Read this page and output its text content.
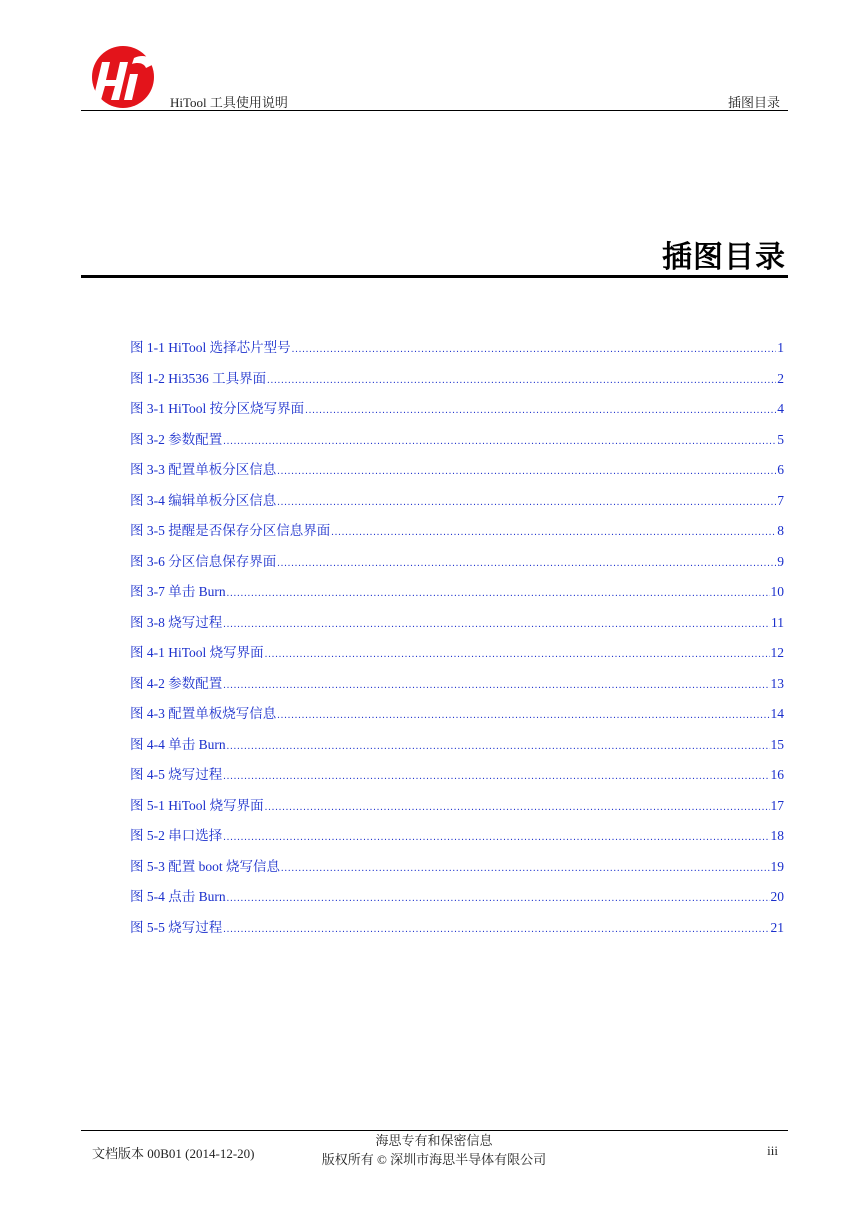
HiTool 工具使用说明	插图目录
插图目录
图 1-1 HiTool 选择芯片型号 .....	1
图 1-2 Hi3536 工具界面 .....	2
图 3-1 HiTool 按分区烧写界面 .....	4
图 3-2 参数配置 .....	5
图 3-3 配置单板分区信息 .....	6
图 3-4 编辑单板分区信息 .....	7
图 3-5 提醒是否保存分区信息界面 .....	8
图 3-6 分区信息保存界面 .....	9
图 3-7 单击 Burn .....	10
图 3-8 烧写过程 .....	11
图 4-1 HiTool 烧写界面 .....	12
图 4-2 参数配置 .....	13
图 4-3 配置单板烧写信息 .....	14
图 4-4 单击 Burn .....	15
图 4-5 烧写过程 .....	16
图 5-1 HiTool 烧写界面 .....	17
图 5-2 串口选择 .....	18
图 5-3 配置 boot 烧写信息 .....	19
图 5-4 点击 Burn .....	20
图 5-5 烧写过程 .....	21
文档版本 00B01 (2014-12-20)
海思专有和保密信息
版权所有 © 深圳市海思半导体有限公司
iii
